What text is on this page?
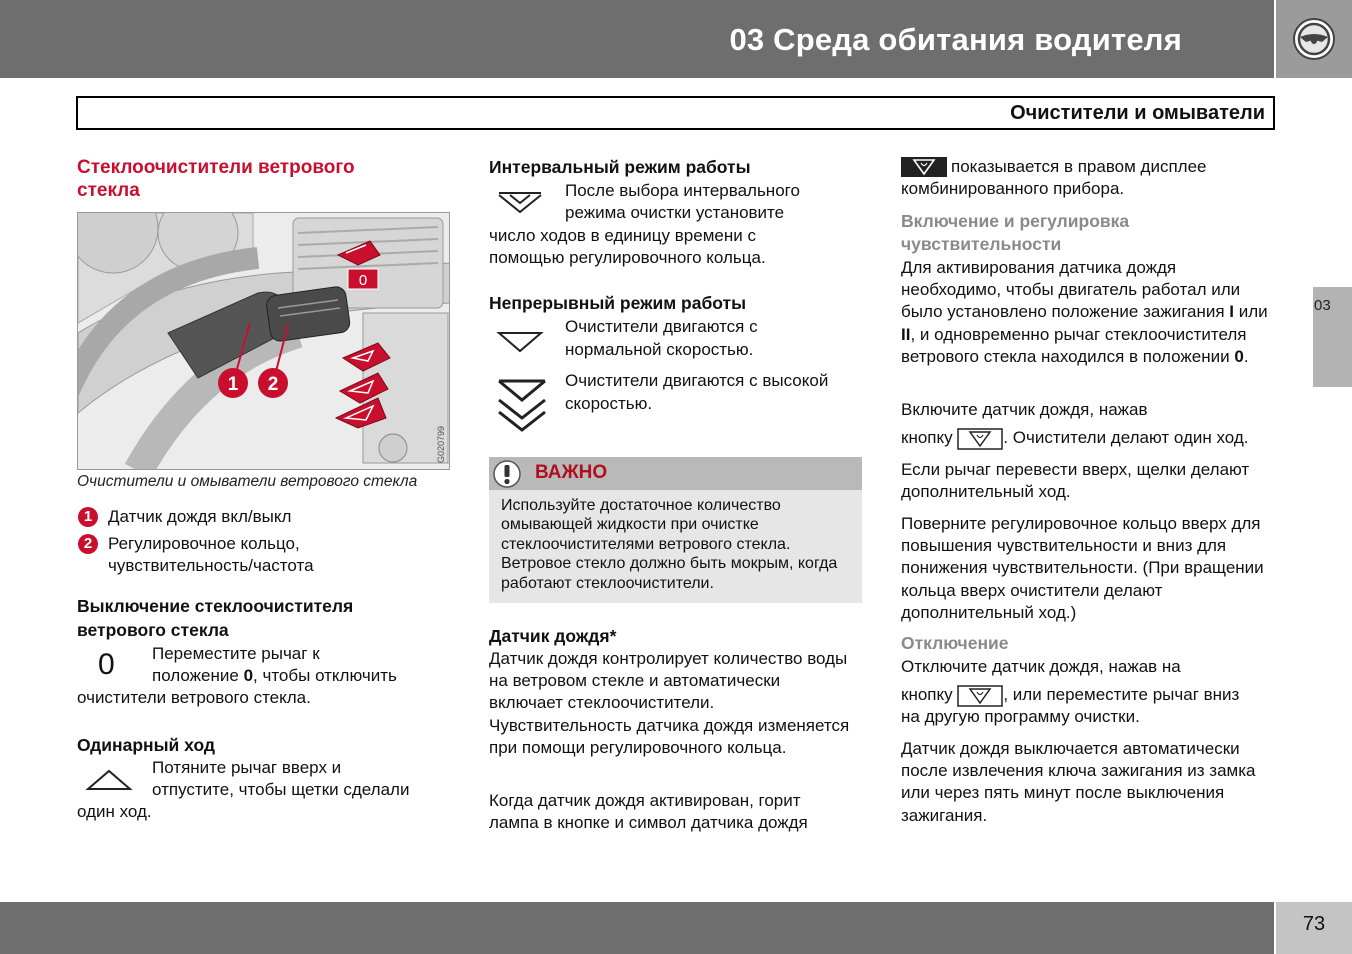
03 Среда обитания водителя
Очистители и омыватели
03
Стеклоочистители ветрового стекла
1 2
0
G020799
Очистители и омыватели ветрового стекла
1 Датчик дождя вкл/выкл
2 Регулировочное кольцо, чувствительность/частота
Выключение стеклоочистителя ветрового стекла
0 Переместите рычаг к
положение 0, чтобы отключить
очистители ветрового стекла.
Одинарный ход
Потяните рычаг вверх и
отпустите, чтобы щетки сделали
один ход.
Интервальный режим работы
После выбора интервального
режима очистки установите
число ходов в единицу времени с
помощью регулировочного кольца.
Непрерывный режим работы
Очистители двигаются с
нормальной скоростью.
Очистители двигаются с высокой
скоростью.
ВАЖНО
Используйте достаточное количество омывающей жидкости при очистке стеклоочистителями ветрового стекла. Ветровое стекло должно быть мокрым, когда работают стеклоочистители.
Датчик дождя*
Датчик дождя контролирует количество воды на ветровом стекле и автоматически включает стеклоочистители. Чувствительность датчика дождя изменяется при помощи регулировочного кольца.
Когда датчик дождя активирован, горит лампа в кнопке и символ датчика дождя
показывается в правом дисплее комбинированного прибора.
Включение и регулировка чувствительности
Для активирования датчика дождя необходимо, чтобы двигатель работал или было установлено положение зажигания I или II, и одновременно рычаг стеклоочистителя ветрового стекла находился в положении 0.
Включите датчик дождя, нажав
кнопку	. Очистители делают один ход.
Если рычаг перевести вверх, щелки делают дополнительный ход.
Поверните регулировочное кольцо вверх для повышения чувствительности и вниз для понижения чувствительности. (При вращении кольца вверх очистители делают дополнительный ход.)
Отключение
Отключите датчик дождя, нажав на
кнопку	, или переместите рычаг вниз
на другую программу очистки.
Датчик дождя выключается автоматически после извлечения ключа зажигания из замка или через пять минут после выключения зажигания.
73
